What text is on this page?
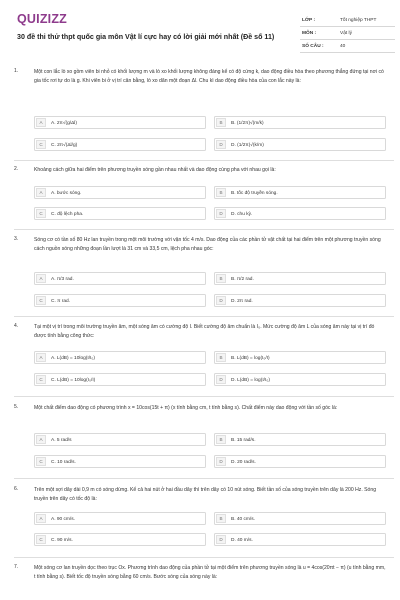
QUIZIZZ
30 đề thi thử thpt quốc gia môn Vật lí cực hay có lời giải mới nhất (Đề số 11)
LỚP :	Tốt nghiệp THPT
MÔN :	Vật lý
SỐ CÂU :	40
1.	Một con lắc lò xo gồm viên bi nhỏ có khối lượng m và lò xo khối lượng không đáng kể có độ cứng k, dao động điều hòa theo phương thẳng đứng tại nơi có gia tốc rơi tự do là g. Khi viên bi ở vị trí cân bằng, lò xo dãn một đoạn Δl. Chu kì dao động điều hòa của con lắc này là:
A	A. 2π√(g/Δl)	B	B. (1/2π)√(m/k)
C	C. 2π√(Δl/g)	D	D. (1/2π)√(k/m)
2.	Khoảng cách giữa hai điểm trên phương truyền sóng gần nhau nhất và dao động cùng pha với nhau gọi là:
A	A. bước sóng.	B	B. tốc độ truyền sóng.
C	C. độ lệch pha.	D	D. chu kỳ.
3.	Sóng cơ có tần số 80 Hz lan truyền trong một môi trường với vận tốc 4 m/s. Dao động của các phần tử vật chất tại hai điểm trên một phương truyền sóng cách nguồn sóng những đoạn lần lượt là 31 cm và 33,5 cm, lệch pha nhau góc:
A	A. π/3 rad.	B	B. π/2 rad.
C	C. π rad.	D	D. 2π rad.
4.	Tại một vị trí trong môi trường truyền âm, một sóng âm có cường độ I. Biết cường độ âm chuẩn là I₀. Mức cường độ âm L của sóng âm này tại vị trí đó được tính bằng công thức:
A	A. L(dB) = 10log(I/I₀)	B	B. L(dB) = log(I₀/I)
C	C. L(dB) = 10log(I₀/I)	D	D. L(dB) = log(I/I₀)
5.	Một chất điểm dao động có phương trình x = 10cos(15t + π) (x tính bằng cm, t tính bằng s). Chất điểm này dao động với tần số góc là:
A	A. 5 rad/s	B	B. 15 rad/s.
C	C. 10 rad/s.	D	D. 20 rad/s.
6.	Trên một sợi dây dài 0,9 m có sóng dừng. Kể cả hai nút ở hai đầu dây thì trên dây có 10 nút sóng. Biết tần số của sóng truyền trên dây là 200 Hz. Sóng truyền trên dây có tốc độ là:
A	A. 90 cm/s.	B	B. 40 cm/s.
C	C. 90 m/s.	D	D. 40 m/s.
7.	Một sóng cơ lan truyền dọc theo trục Ox. Phương trình dao động của phần tử tại một điểm trên phương truyền sóng là u = 4cos(20πt − π) (u tính bằng mm, t tính bằng s). Biết tốc độ truyền sóng bằng 60 cm/s. Bước sóng của sóng này là:
